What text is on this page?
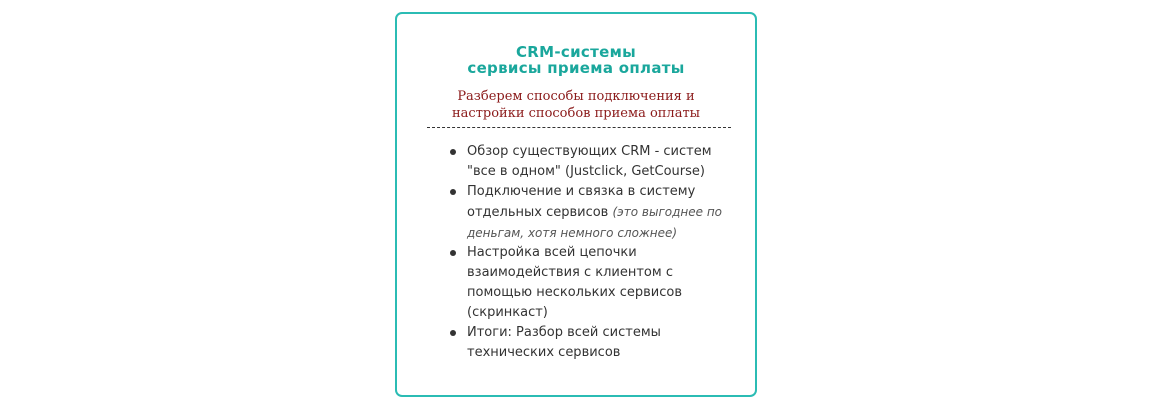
CRM-системы
сервисы приема оплаты
Разберем способы подключения и
настройки способов приема оплаты
Обзор существующих CRM - систем
"все в одном" (Justclick, GetCourse)
Подключение и связка в систему
отдельных сервисов (это выгоднее по
деньгам, хотя немного сложнее)
Настройка всей цепочки
взаимодействия с клиентом с
помощью нескольких сервисов
(скринкаст)
Итоги: Разбор всей системы
технических сервисов
